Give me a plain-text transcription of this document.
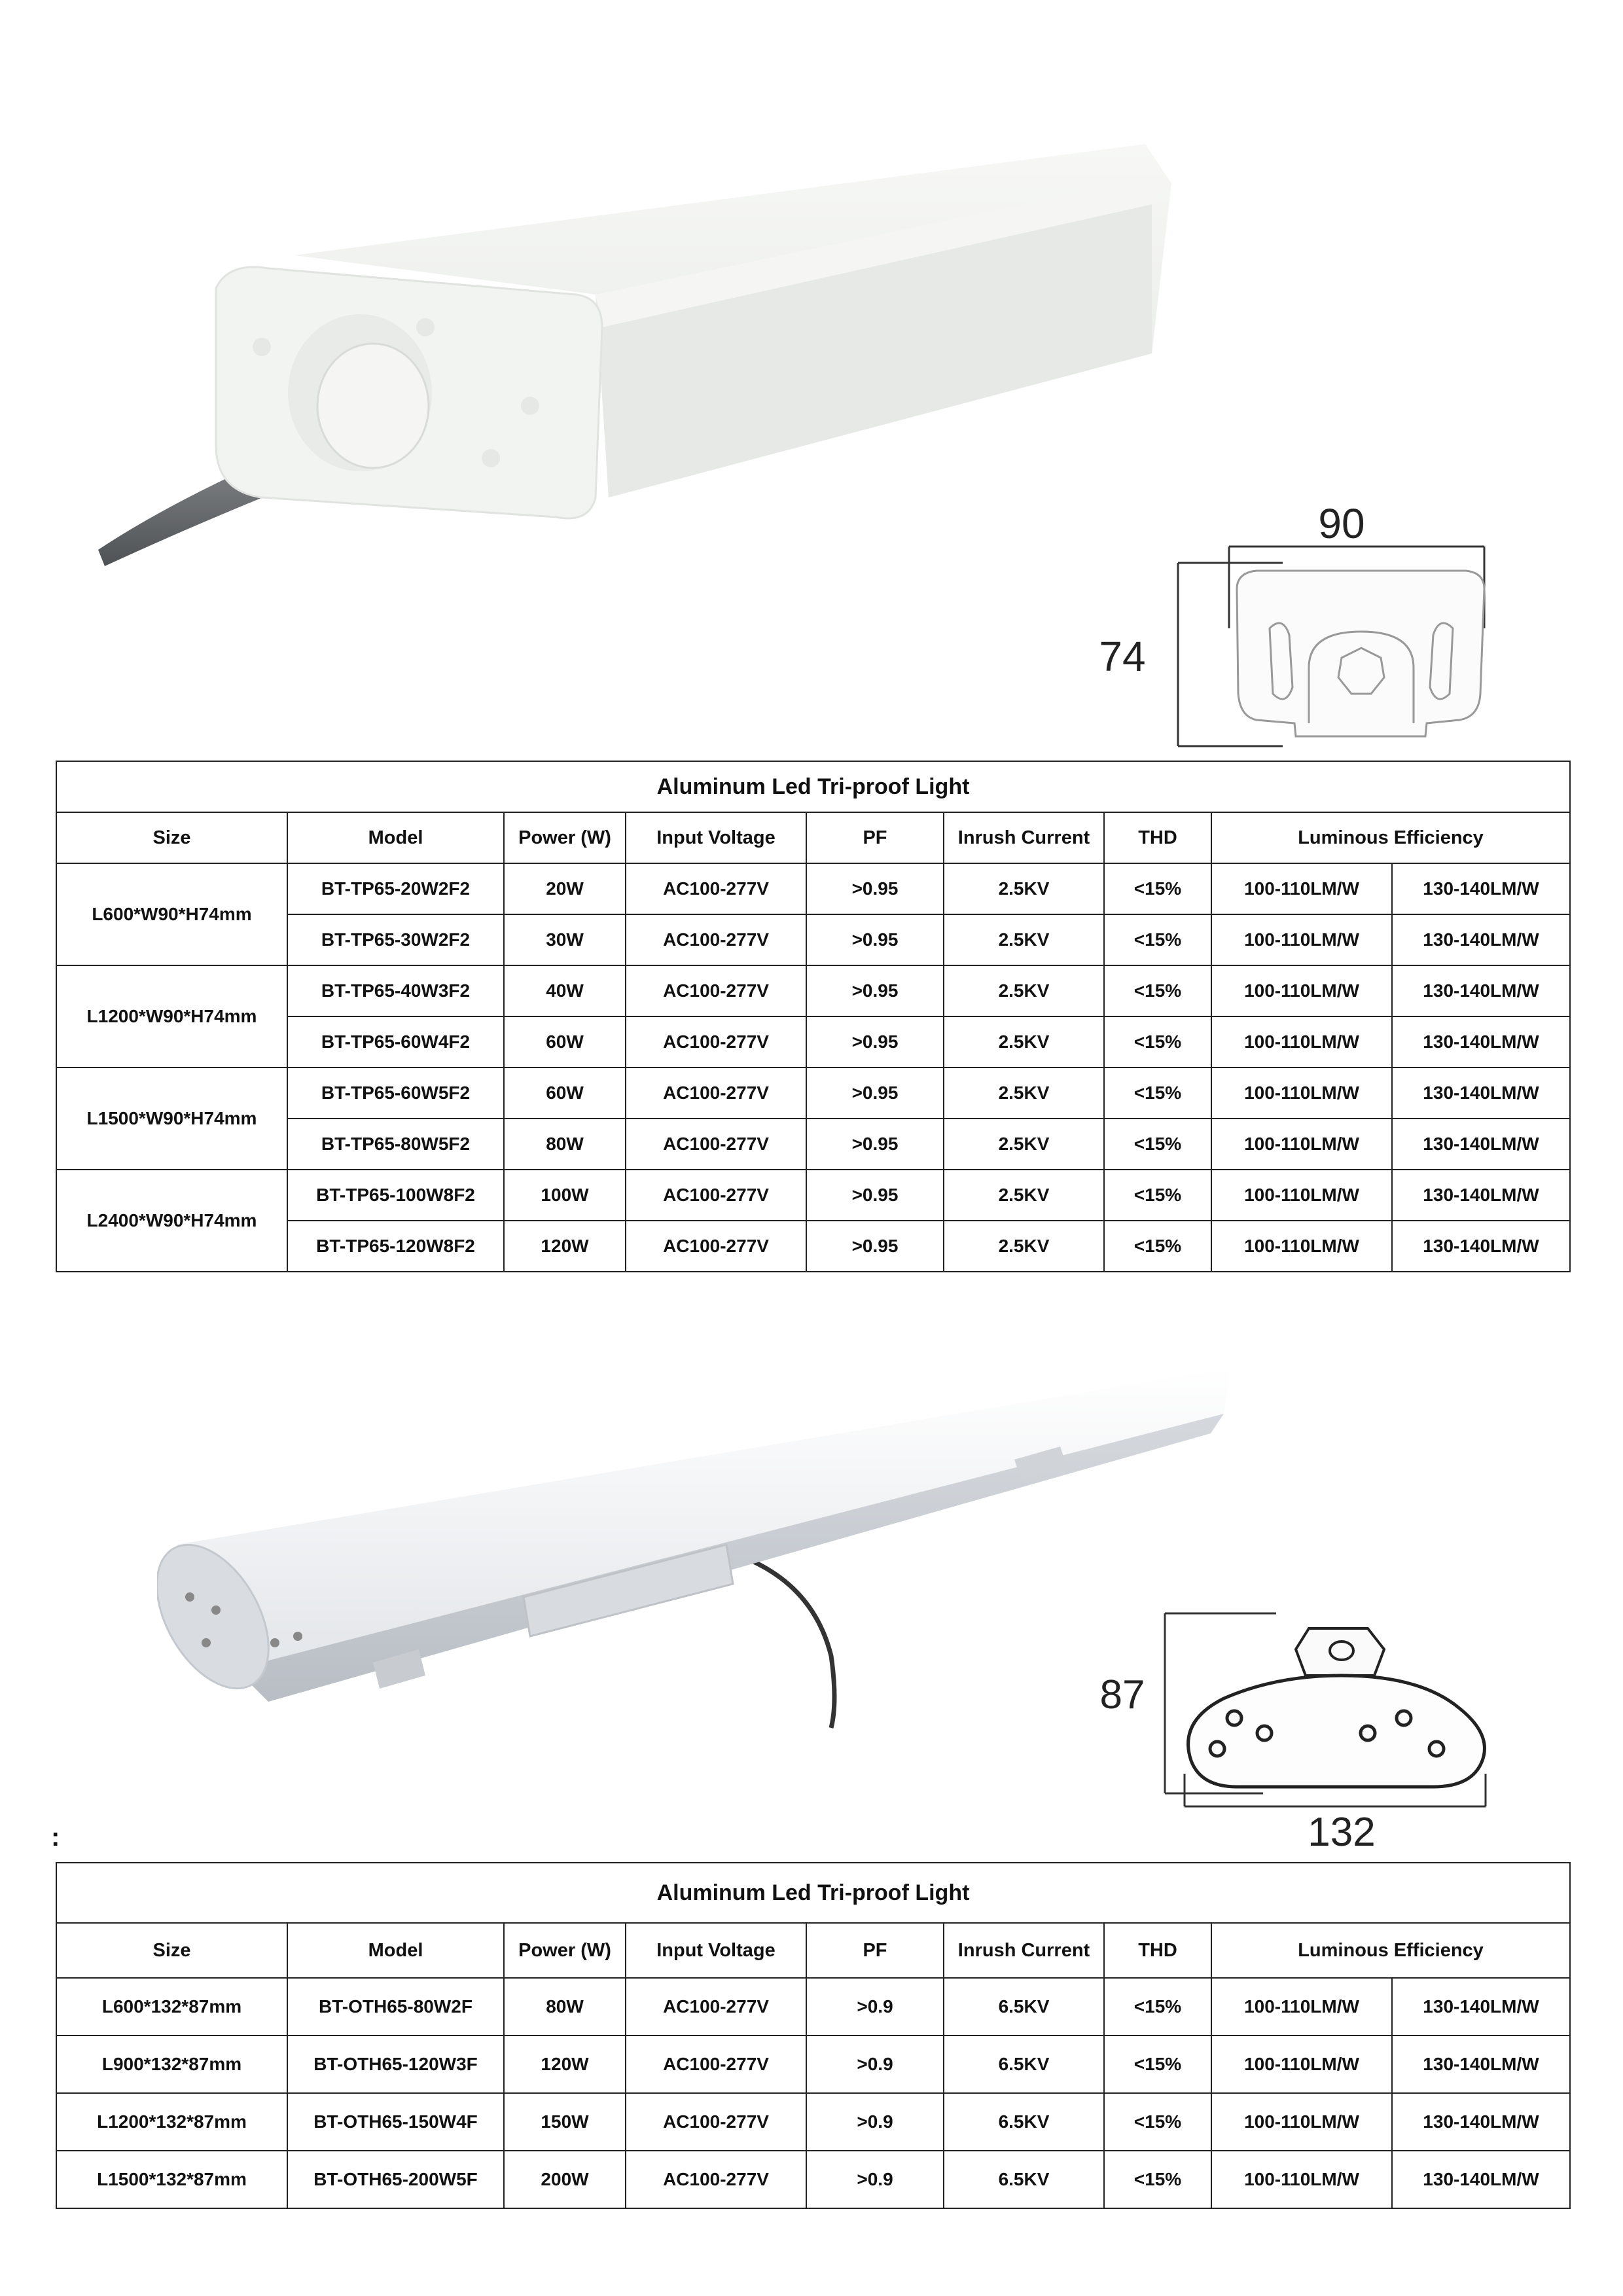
90
74
Aluminum Led Tri-proof Light								
Size	Model	Power (W)	Input Voltage	PF	Inrush Current	THD	Luminous Efficiency	
L600*W90*H74mm	BT-TP65-20W2F2	20W	AC100-277V	>0.95	2.5KV	<15%	100-110LM/W	130-140LM/W
	BT-TP65-30W2F2	30W	AC100-277V	>0.95	2.5KV	<15%	100-110LM/W	130-140LM/W
L1200*W90*H74mm	BT-TP65-40W3F2	40W	AC100-277V	>0.95	2.5KV	<15%	100-110LM/W	130-140LM/W
	BT-TP65-60W4F2	60W	AC100-277V	>0.95	2.5KV	<15%	100-110LM/W	130-140LM/W
L1500*W90*H74mm	BT-TP65-60W5F2	60W	AC100-277V	>0.95	2.5KV	<15%	100-110LM/W	130-140LM/W
	BT-TP65-80W5F2	80W	AC100-277V	>0.95	2.5KV	<15%	100-110LM/W	130-140LM/W
L2400*W90*H74mm	BT-TP65-100W8F2	100W	AC100-277V	>0.95	2.5KV	<15%	100-110LM/W	130-140LM/W
	BT-TP65-120W8F2	120W	AC100-277V	>0.95	2.5KV	<15%	100-110LM/W	130-140LM/W
87
132
:
Aluminum Led Tri-proof Light								
Size	Model	Power (W)	Input Voltage	PF	Inrush Current	THD	Luminous Efficiency	
L600*132*87mm	BT-OTH65-80W2F	80W	AC100-277V	>0.9	6.5KV	<15%	100-110LM/W	130-140LM/W
L900*132*87mm	BT-OTH65-120W3F	120W	AC100-277V	>0.9	6.5KV	<15%	100-110LM/W	130-140LM/W
L1200*132*87mm	BT-OTH65-150W4F	150W	AC100-277V	>0.9	6.5KV	<15%	100-110LM/W	130-140LM/W
L1500*132*87mm	BT-OTH65-200W5F	200W	AC100-277V	>0.9	6.5KV	<15%	100-110LM/W	130-140LM/W
